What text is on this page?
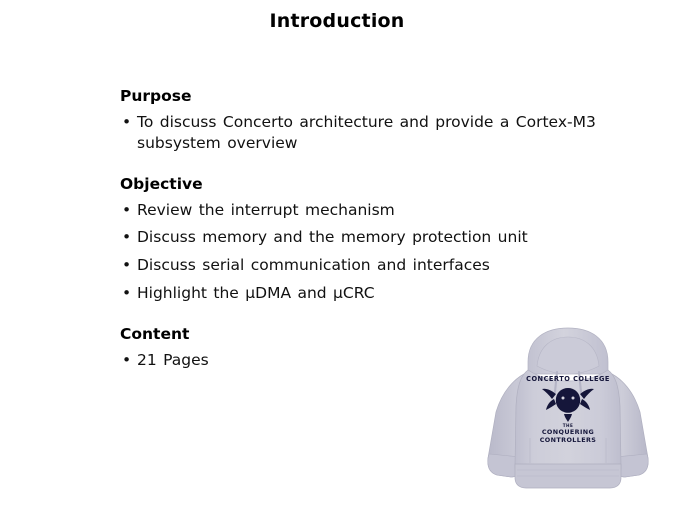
Introduction
Purpose
• To discuss Concerto architecture and provide a Cortex-M3 subsystem overview
Objective
• Review the interrupt mechanism
• Discuss memory and the memory protection unit
• Discuss serial communication and interfaces
• Highlight the µDMA and µCRC
Content
• 21 Pages
CONCERTO COLLEGE
THE
CONQUERING
CONTROLLERS
